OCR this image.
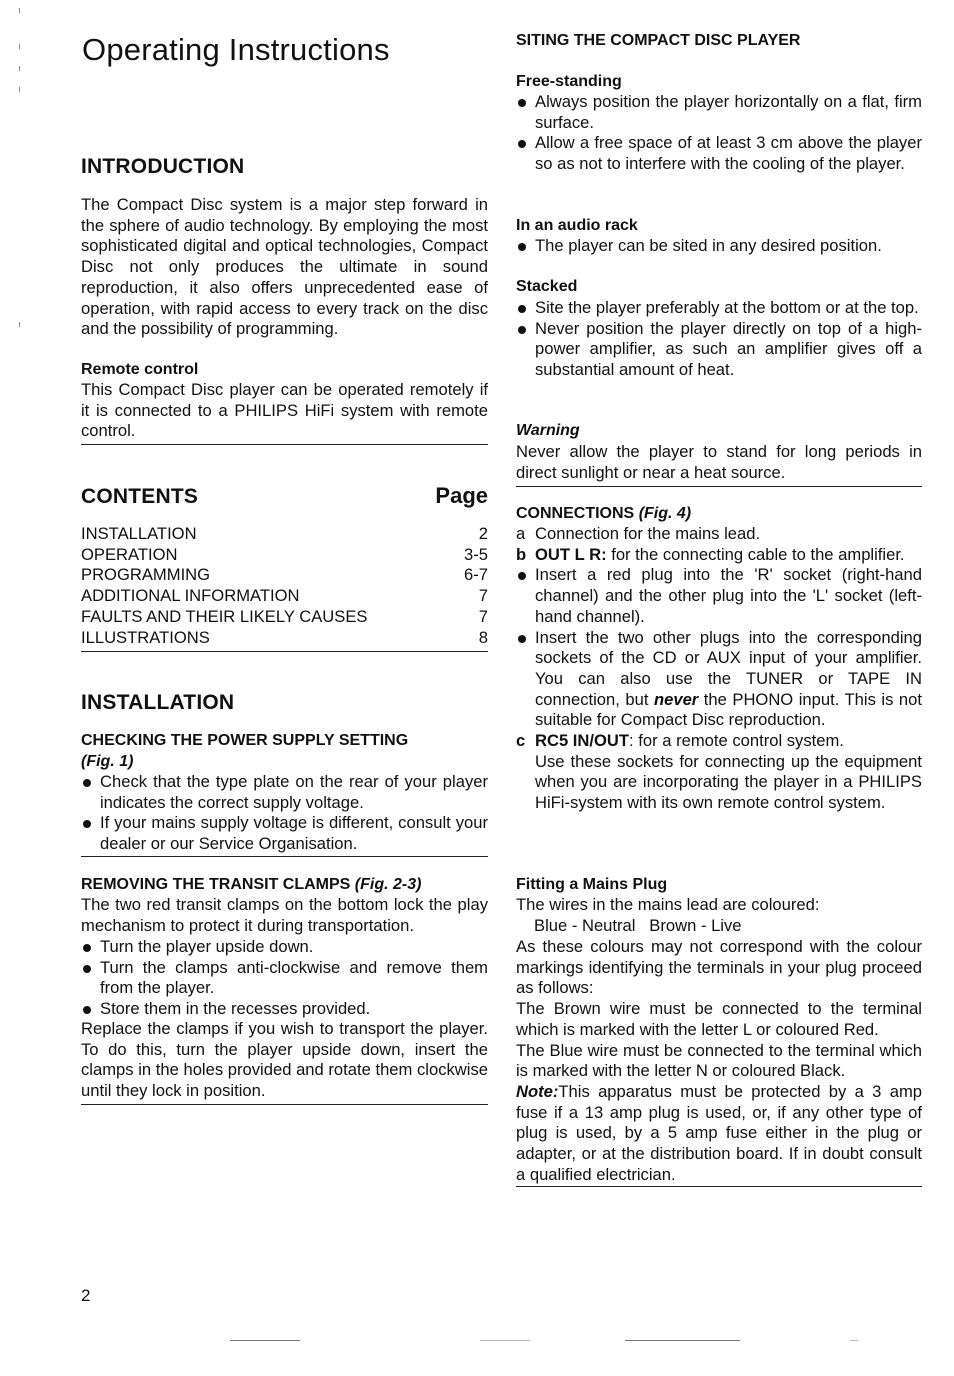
Operating Instructions
INTRODUCTION

The Compact Disc system is a major step forward in the sphere of audio technology. By employing the most sophisticated digital and optical technologies, Compact Disc not only produces the ultimate in sound reproduction, it also offers unprecedented ease of operation, with rapid access to every track on the disc and the possibility of programming.

Remote control

This Compact Disc player can be operated remotely if it is connected to a PHILIPS HiFi system with remote control.

CONTENTS	Page
INSTALLATION	2
OPERATION	3-5
PROGRAMMING	6-7
ADDITIONAL INFORMATION	7
FAULTS AND THEIR LIKELY CAUSES	7
ILLUSTRATIONS	8
INSTALLATION
CHECKING THE POWER SUPPLY SETTING
(Fig. 1)
Check that the type plate on the rear of your player indicates the correct supply voltage.
If your mains supply voltage is different, consult your dealer or our Service Organisation.
REMOVING THE TRANSIT CLAMPS (Fig. 2-3)

The two red transit clamps on the bottom lock the play mechanism to protect it during transportation.

Turn the player upside down.
Turn the clamps anti-clockwise and remove them from the player.
Store them in the recesses provided.

Replace the clamps if you wish to transport the player. To do this, turn the player upside down, insert the clamps in the holes provided and rotate them clockwise until they lock in position.

SITING THE COMPACT DISC PLAYER
Free-standing
Always position the player horizontally on a flat, firm surface.
Allow a free space of at least 3 cm above the player so as not to interfere with the cooling of the player.
In an audio rack
The player can be sited in any desired position.
Stacked
Site the player preferably at the bottom or at the top.
Never position the player directly on top of a high-power amplifier, as such an amplifier gives off a substantial amount of heat.
Warning

Never allow the player to stand for long periods in direct sunlight or near a heat source.

CONNECTIONS (Fig. 4)
a Connection for the mains lead.
b OUT L R: for the connecting cable to the amplifier.
Insert a red plug into the 'R' socket (right-hand channel) and the other plug into the 'L' socket (left-hand channel).
Insert the two other plugs into the corresponding sockets of the CD or AUX input of your amplifier. You can also use the TUNER or TAPE IN connection, but never the PHONO input. This is not suitable for Compact Disc reproduction.
c RC5 IN/OUT: for a remote control system.
Use these sockets for connecting up the equipment when you are incorporating the player in a PHILIPS HiFi-system with its own remote control system.
Fitting a Mains Plug

The wires in the mains lead are coloured:

Blue - Neutral Brown - Live

As these colours may not correspond with the colour markings identifying the terminals in your plug proceed as follows:

The Brown wire must be connected to the terminal which is marked with the letter L or coloured Red.

The Blue wire must be connected to the terminal which is marked with the letter N or coloured Black.

Note:This apparatus must be protected by a 3 amp fuse if a 13 amp plug is used, or, if any other type of plug is used, by a 5 amp fuse either in the plug or adapter, or at the distribution board. If in doubt consult a qualified electrician.

2
